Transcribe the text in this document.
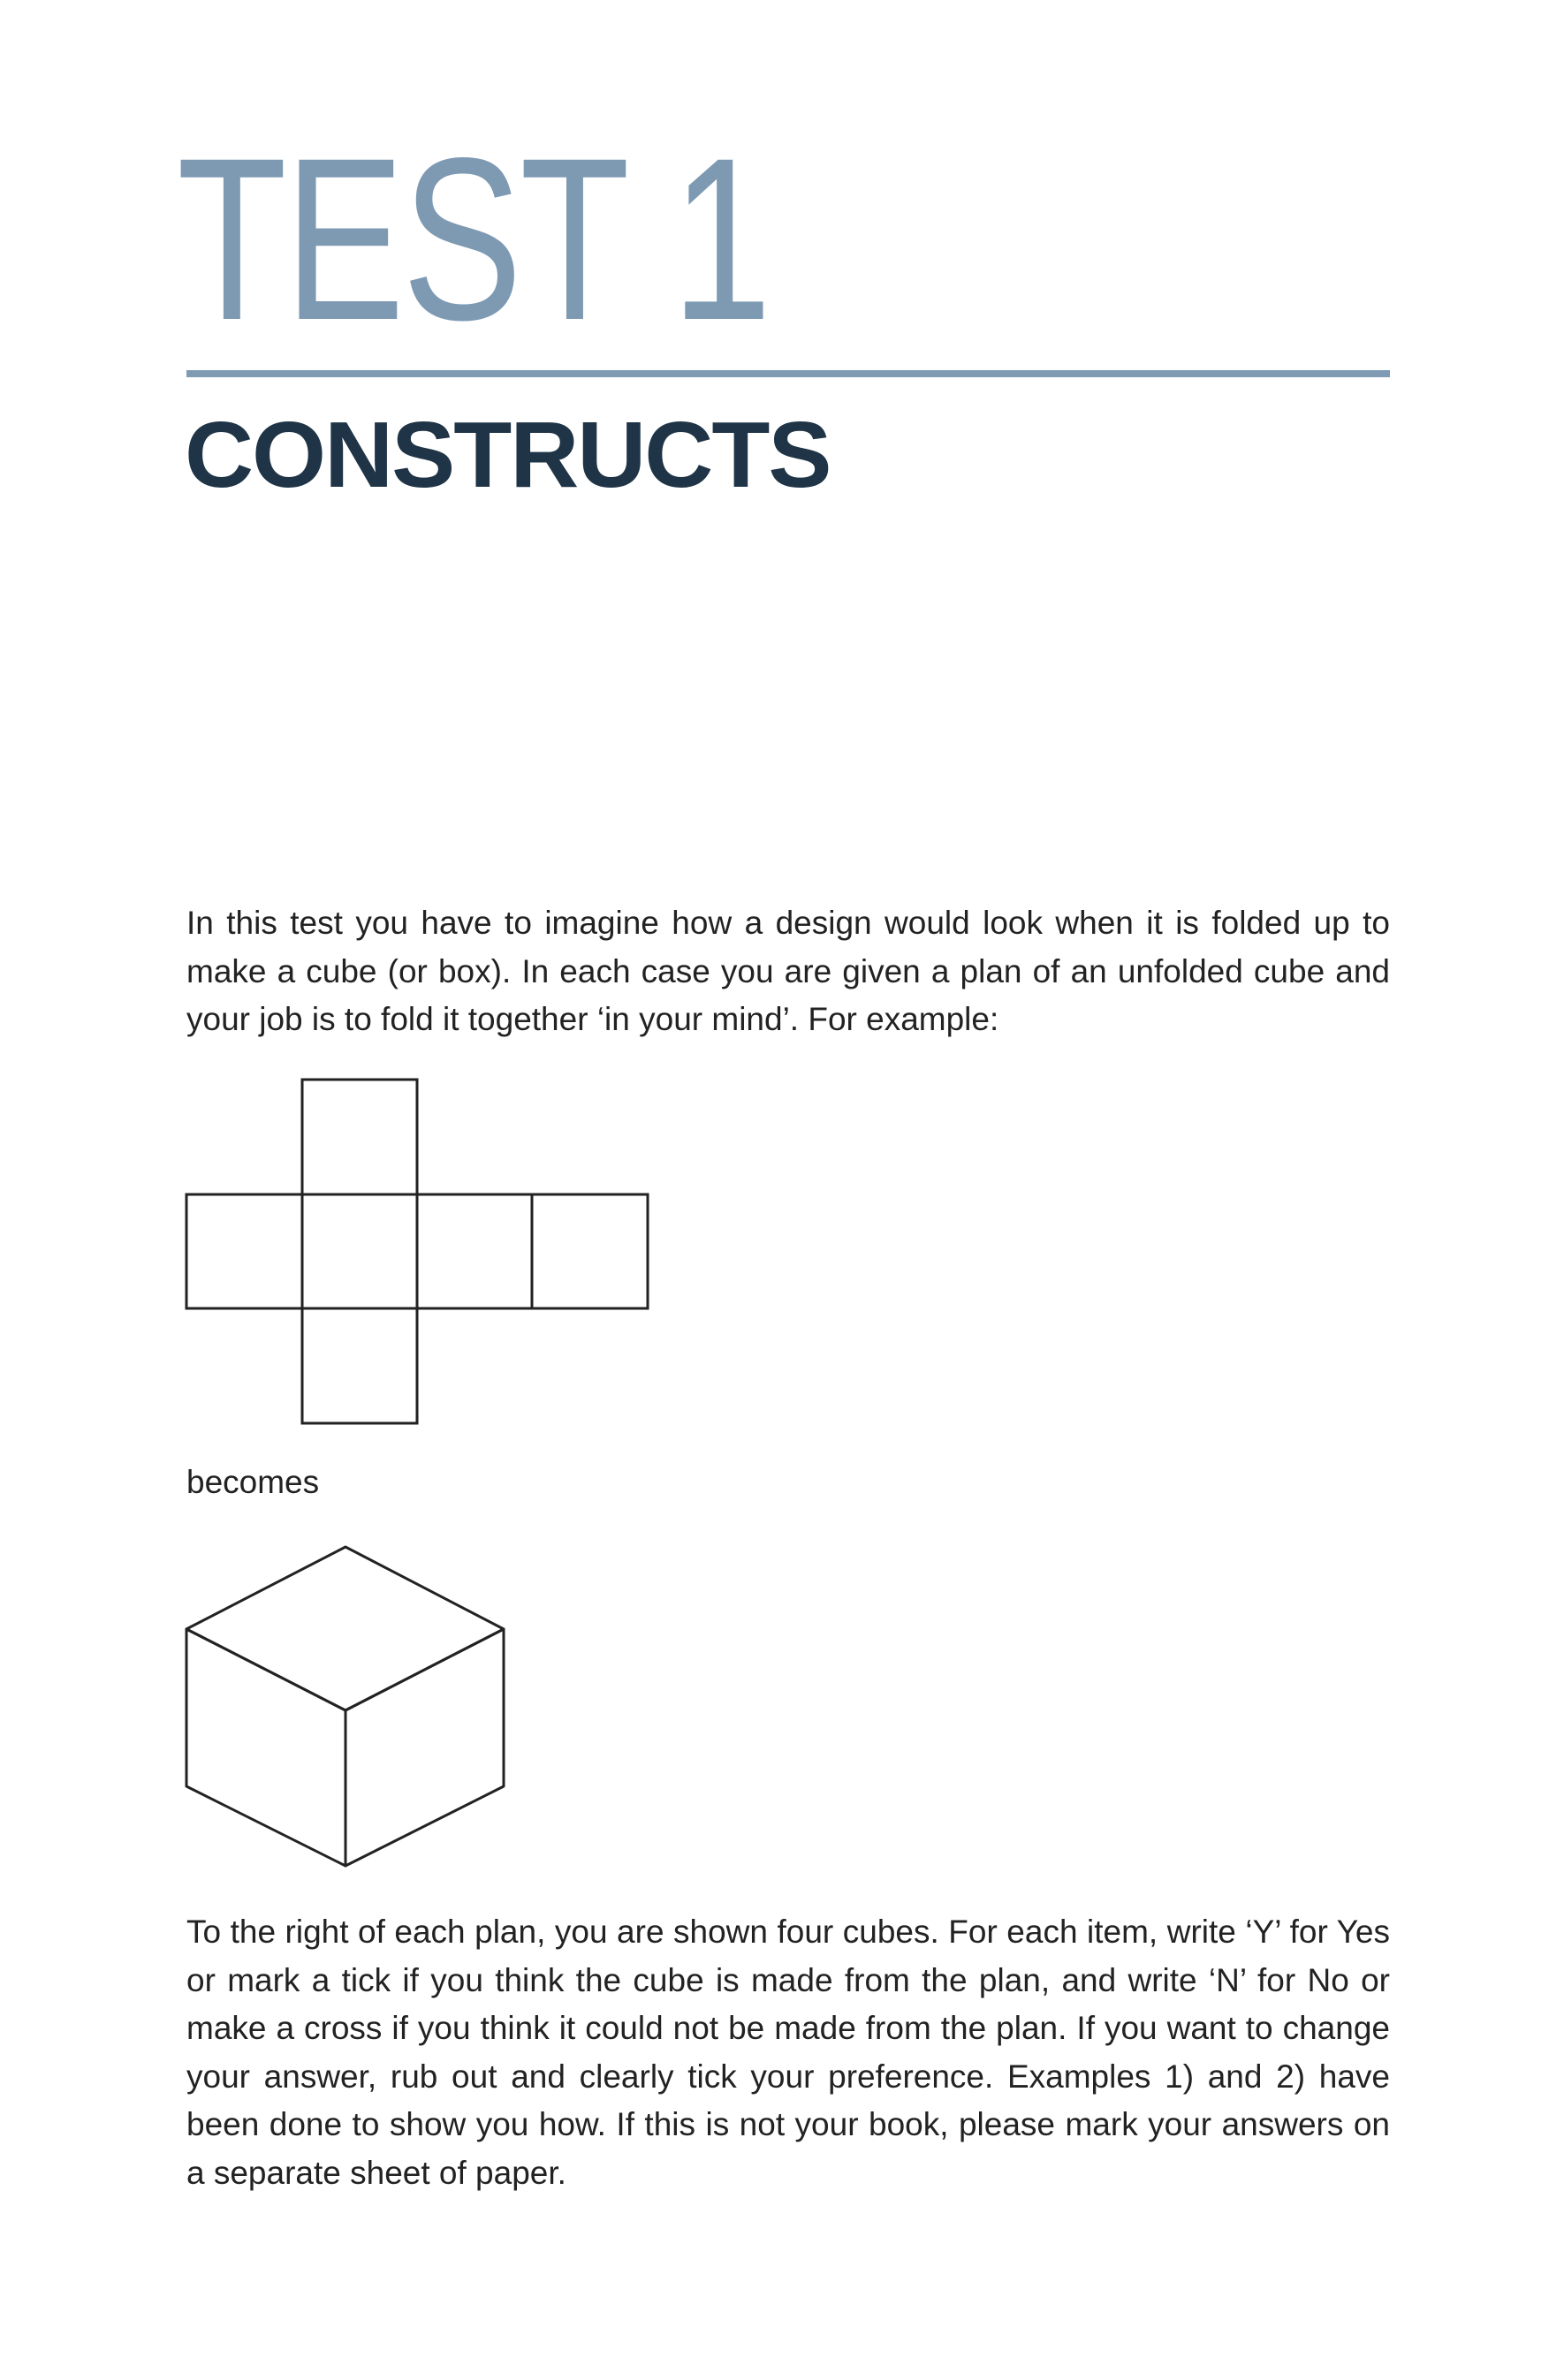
TEST 1
CONSTRUCTS
In this test you have to imagine how a design would look when it is folded up to make a cube (or box). In each case you are given a plan of an unfolded cube and your job is to fold it together ‘in your mind’. For example:
becomes
To the right of each plan, you are shown four cubes. For each item, write ‘Y’ for Yes or mark a tick if you think the cube is made from the plan, and write ‘N’ for No or make a cross if you think it could not be made from the plan. If you want to change your answer, rub out and clearly tick your preference. Examples 1) and 2) have been done to show you how. If this is not your book, please mark your answers on a separate sheet of paper.
